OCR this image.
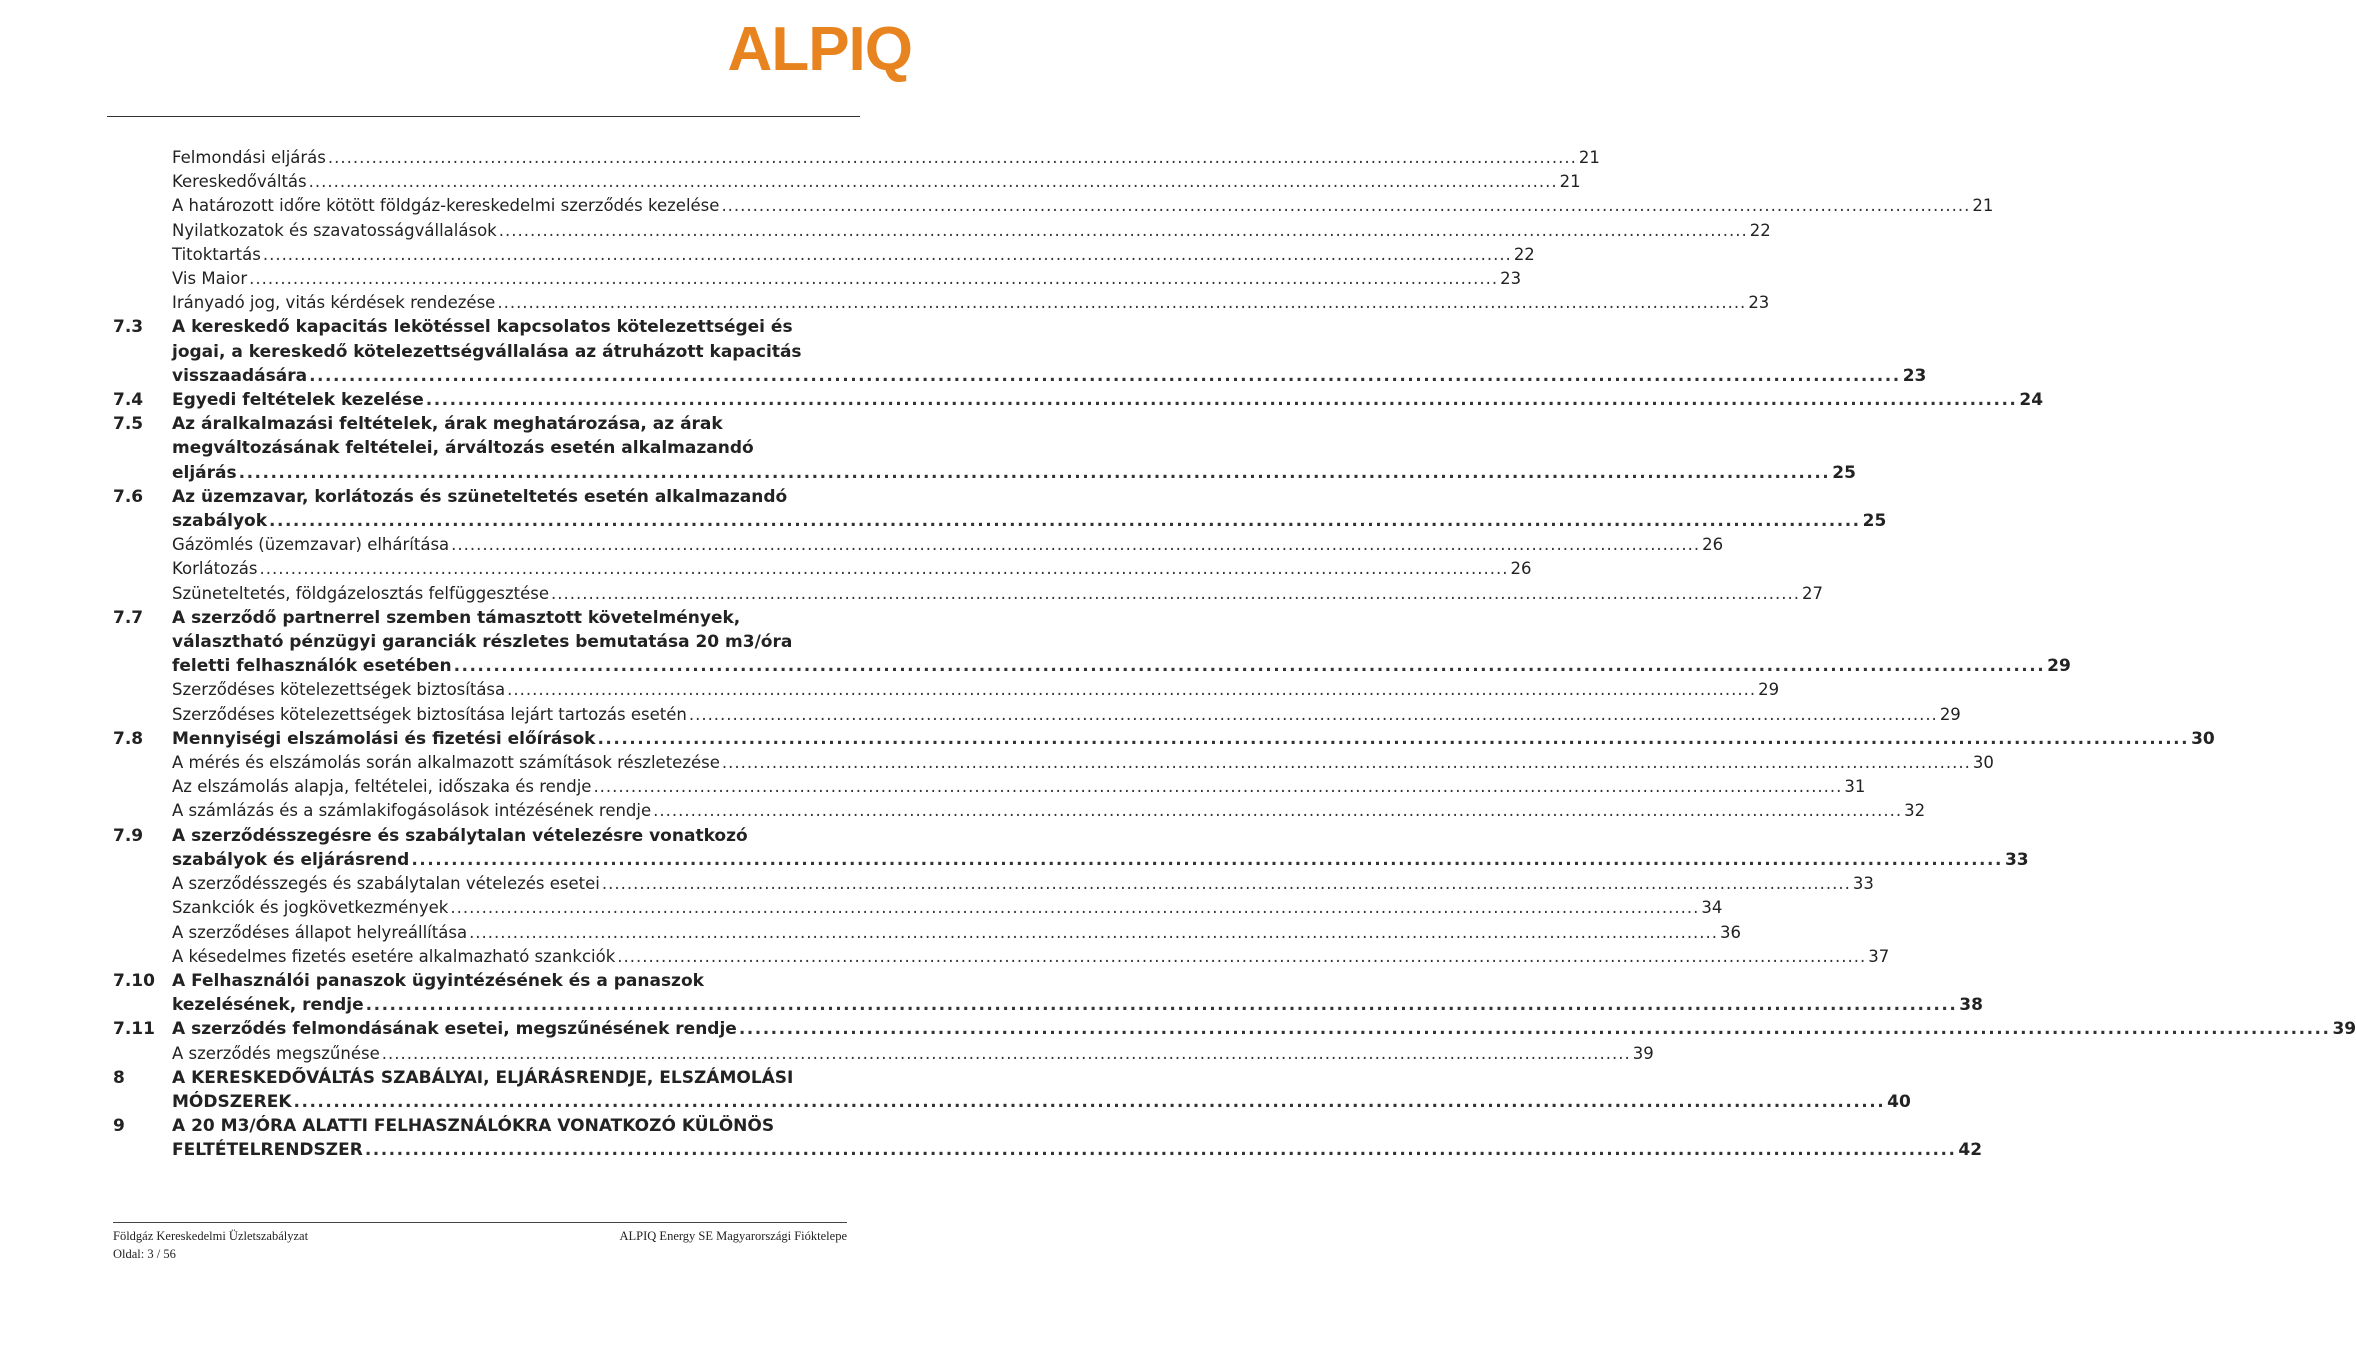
ALPIQ
Felmondási eljárás .....	21
Kereskedőváltás .....	21
A határozott időre kötött földgáz-kereskedelmi szerződés kezelése .....	21
Nyilatkozatok és szavatosságvállalások .....	22
Titoktartás .....	22
Vis Maior .....	23
Irányadó jog, vitás kérdések rendezése .....	23
7.3	A kereskedő kapacitás lekötéssel kapcsolatos kötelezettségei és
jogai, a kereskedő kötelezettségvállalása az átruházott kapacitás
visszaadására .....	23
7.4	Egyedi feltételek kezelése .....	24
7.5	Az áralkalmazási feltételek, árak meghatározása, az árak
megváltozásának feltételei, árváltozás esetén alkalmazandó
eljárás .....	25
7.6	Az üzemzavar, korlátozás és szüneteltetés esetén alkalmazandó
szabályok .....	25
Gázömlés (üzemzavar) elhárítása .....	26
Korlátozás .....	26
Szüneteltetés, földgázelosztás felfüggesztése .....	27
7.7	A szerződő partnerrel szemben támasztott követelmények,
választható pénzügyi garanciák részletes bemutatása 20 m3/óra
feletti felhasználók esetében .....	29
Szerződéses kötelezettségek biztosítása .....	29
Szerződéses kötelezettségek biztosítása lejárt tartozás esetén .....	29
7.8	Mennyiségi elszámolási és fizetési előírások .....	30
A mérés és elszámolás során alkalmazott számítások részletezése .....	30
Az elszámolás alapja, feltételei, időszaka és rendje .....	31
A számlázás és a számlakifogásolások intézésének rendje .....	32
7.9	A szerződésszegésre és szabálytalan vételezésre vonatkozó
szabályok és eljárásrend .....	33
A szerződésszegés és szabálytalan vételezés esetei .....	33
Szankciók és jogkövetkezmények .....	34
A szerződéses állapot helyreállítása .....	36
A késedelmes fizetés esetére alkalmazható szankciók .....	37
7.10	A Felhasználói panaszok ügyintézésének és a panaszok
kezelésének, rendje .....	38
7.11	A szerződés felmondásának esetei, megszűnésének rendje .....	39
A szerződés megszűnése .....	39
8	A KERESKEDŐVÁLTÁS SZABÁLYAI, ELJÁRÁSRENDJE, ELSZÁMOLÁSI
MÓDSZEREK .....	40
9	A 20 M3/ÓRA ALATTI FELHASZNÁLÓKRA VONATKOZÓ KÜLÖNÖS
FELTÉTELRENDSZER .....	42
Földgáz Kereskedelmi Üzletszabályzat
Oldal: 3 / 56
ALPIQ Energy SE Magyarországi Fióktelepe
